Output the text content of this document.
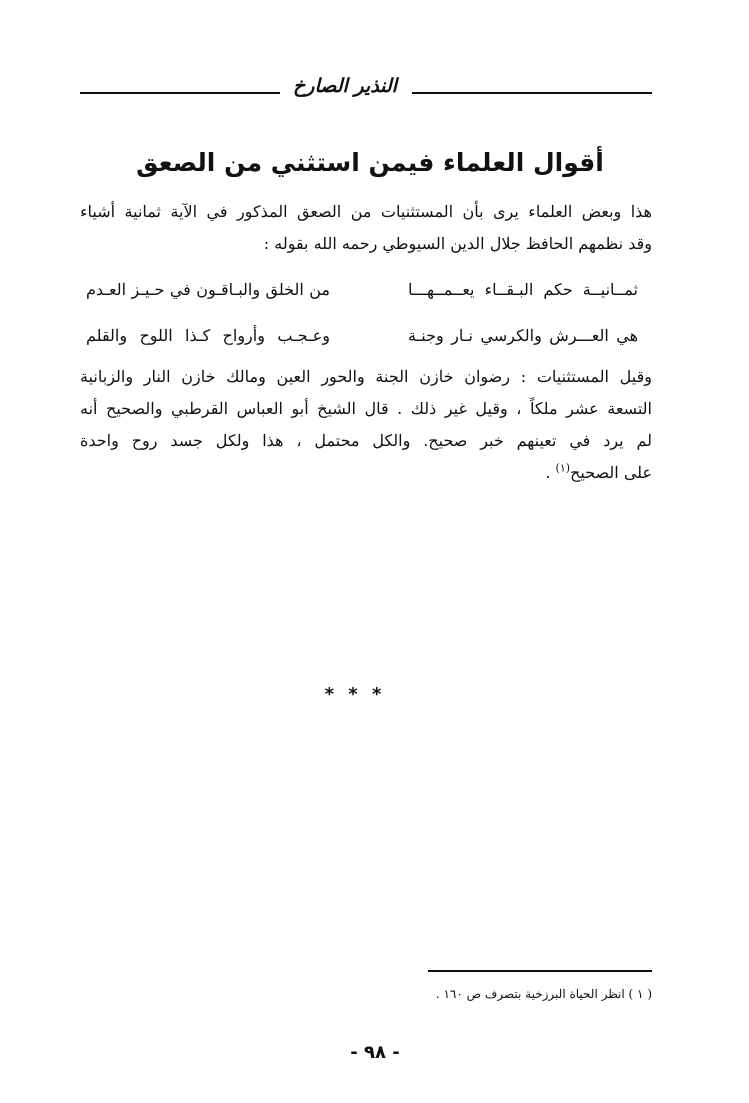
النذير الصارخ
أقوال العلماء فيمن استثني من الصعق
هذا وبعض العلماء يرى بأن المستثنيات من الصعق المذكور في الآية ثمانية أشياء
وقد نظمهم الحافظ جلال الدين السيوطي رحمه الله بقوله :
ثمــانيــة حكم البـقــاء يعــمــهـــا
من الخلق والبـاقـون في حـيـز العـدم
هي العـــرش والكرسي نـار وجنـة
وعـجـب وأرواح كـذا اللوح والقلم
وقيل المستثنيات : رضوان خازن الجنة والحور العين ومالك خازن النار والزبانية
التسعة عشر ملكاً ، وقيل غير ذلك . قال الشيخ أبو العباس القرطبي والصحيح أنه
لم يرد في تعينهم خبر صحيح. والكل محتمل ، هذا ولكل جسد روح واحدة
على الصحيح$^{(١)}$ .
* * *
( ١ ) انظر الحياة البرزخية بتصرف ص ١٦٠ .
- ٩٨ -
